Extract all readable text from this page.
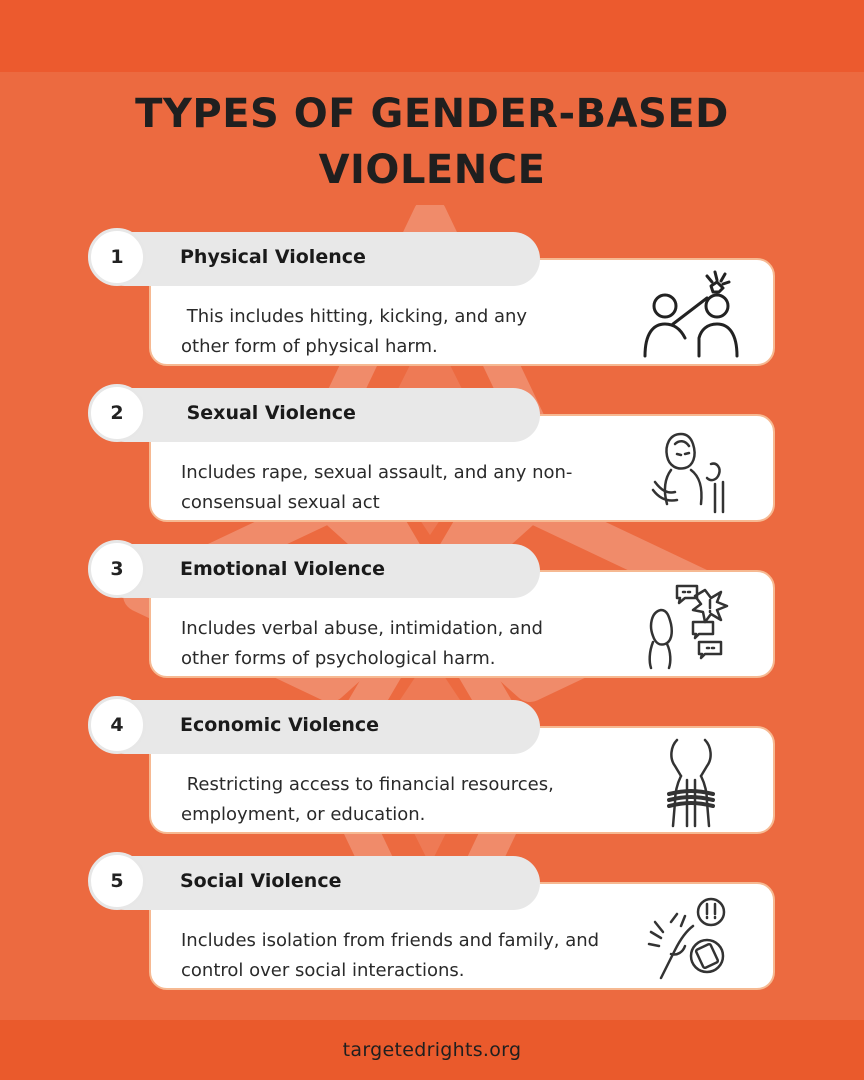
TYPES OF GENDER-BASED
VIOLENCE
This includes hitting, kicking, and any
other form of physical harm.
Physical Violence
1
Includes rape, sexual assault, and any non-
consensual sexual act
Sexual Violence
2
Includes verbal abuse, intimidation, and
other forms of psychological harm.
Emotional Violence
3
Restricting access to financial resources,
employment, or education.
Economic Violence
4
Includes isolation from friends and family, and
control over social interactions.
Social Violence
5
targetedrights.org
